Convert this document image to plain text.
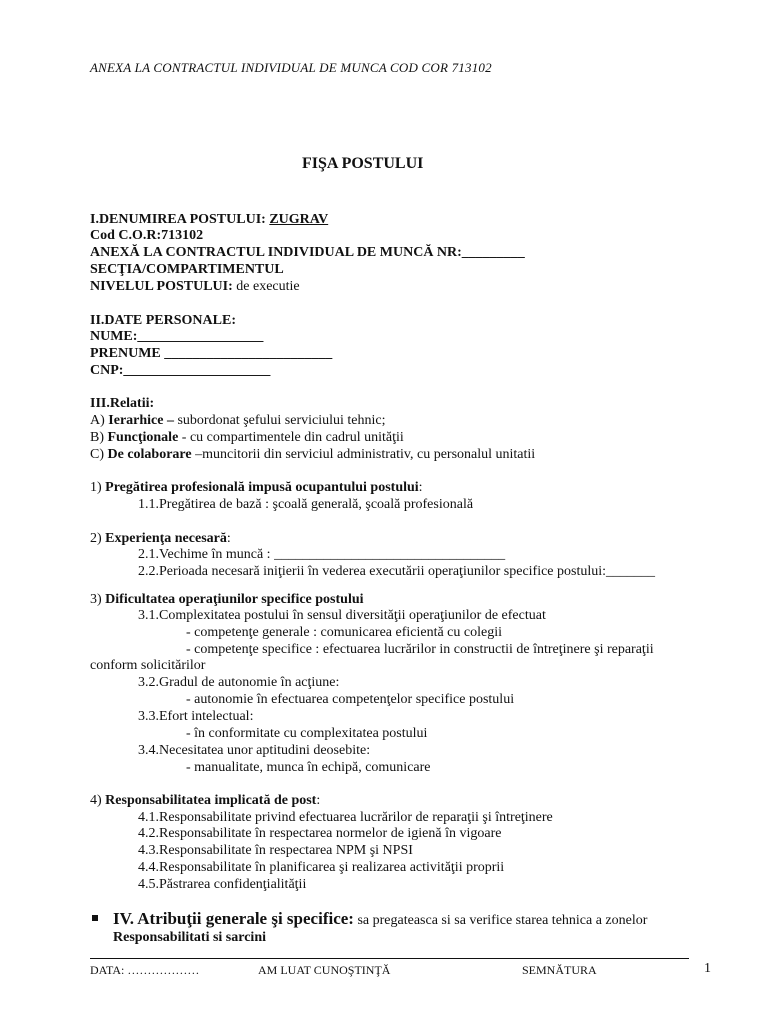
ANEXA LA CONTRACTUL INDIVIDUAL DE MUNCA COD COR 713102
FIŞA POSTULUI
I.DENUMIREA POSTULUI: ZUGRAV
Cod C.O.R:713102
ANEXĂ LA CONTRACTUL INDIVIDUAL DE MUNCĂ NR:_________
SECŢIA/COMPARTIMENTUL
NIVELUL POSTULUI: de executie
II.DATE PERSONALE:
NUME:__________________
PRENUME ________________________
CNP:_____________________
III.Relatii:
A) Ierarhice – subordonat şefului serviciului tehnic;
B) Funcţionale - cu compartimentele din cadrul unităţii
C) De colaborare –muncitorii din serviciul administrativ, cu personalul unitatii
1) Pregătirea profesională impusă ocupantului postului:
1.1.Pregătirea de bază : şcoală generală, şcoală profesională
2) Experienţa necesară:
2.1.Vechime în muncă : _________________________________
2.2.Perioada necesară iniţierii în vederea executării operaţiunilor specifice postului:_______
3) Dificultatea operaţiunilor specifice postului
3.1.Complexitatea postului în sensul diversităţii operaţiunilor de efectuat
- competenţe generale : comunicarea eficientă cu colegii
- competenţe specifice : efectuarea lucrărilor in constructii de întreţinere şi reparaţii
conform solicitărilor
3.2.Gradul de autonomie în acţiune:
- autonomie în efectuarea competenţelor specifice postului
3.3.Efort intelectual:
- în conformitate cu complexitatea postului
3.4.Necesitatea unor aptitudini deosebite:
- manualitate, munca în echipă, comunicare
4) Responsabilitatea implicată de post:
4.1.Responsabilitate privind efectuarea lucrărilor de reparaţii şi întreţinere
4.2.Responsabilitate în respectarea normelor de igienă în vigoare
4.3.Responsabilitate în respectarea NPM şi NPSI
4.4.Responsabilitate în planificarea şi realizarea activităţii proprii
4.5.Păstrarea confidenţialităţii
IV. Atribuţii generale şi specifice: sa pregateasca si sa verifice starea tehnica a zonelor
Responsabilitati si sarcini
DATA: ………………	AM LUAT CUNOŞTINŢĂ	SEMNĂTURA	1
